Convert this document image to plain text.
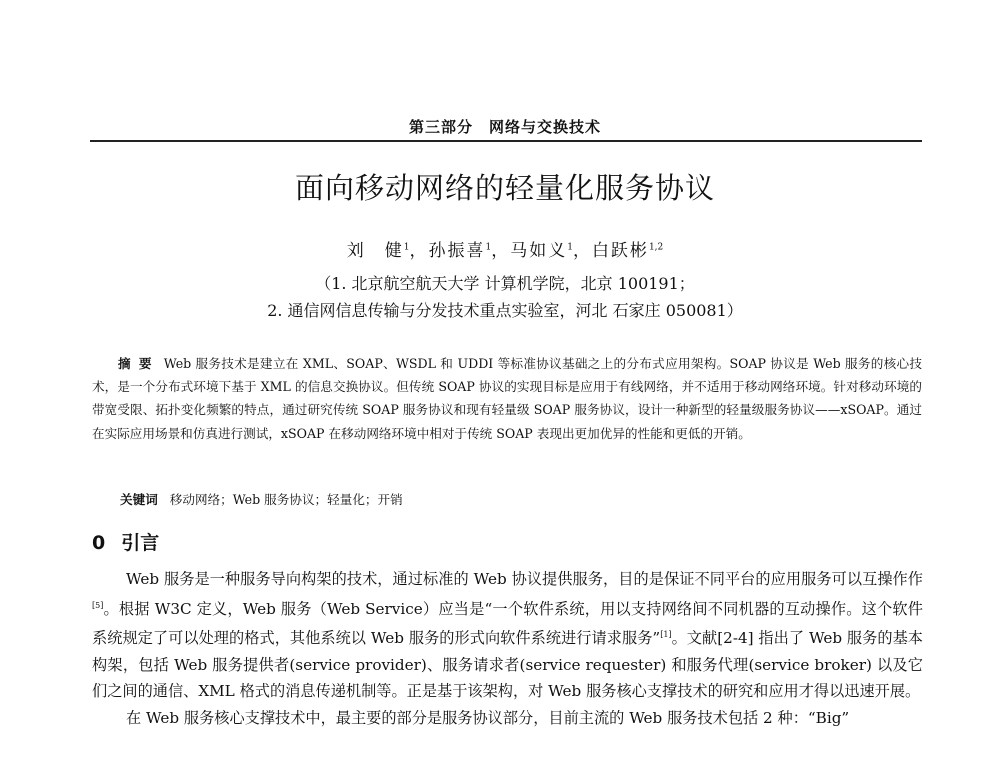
第三部分　网络与交换技术
面向移动网络的轻量化服务协议
刘　健$^1$，孙振喜$^1$，马如义$^1$，白跃彬$^{1,2}$
（1. 北京航空航天大学 计算机学院，北京 100191；
2. 通信网信息传输与分发技术重点实验室，河北 石家庄 050081）
摘要 Web 服务技术是建立在 XML、SOAP、WSDL 和 UDDI 等标准协议基础之上的分布式应用架构。SOAP 协议是 Web 服务的核心技术，是一个分布式环境下基于 XML 的信息交换协议。但传统 SOAP 协议的实现目标是应用于有线网络，并不适用于移动网络环境。针对移动环境的带宽受限、拓扑变化频繁的特点，通过研究传统 SOAP 服务协议和现有轻量级 SOAP 服务协议，设计一种新型的轻量级服务协议——xSOAP。通过在实际应用场景和仿真进行测试，xSOAP 在移动网络环境中相对于传统 SOAP 表现出更加优异的性能和更低的开销。
关键词 移动网络；Web 服务协议；轻量化；开销
0 引言

Web 服务是一种服务导向构架的技术，通过标准的 Web 协议提供服务，目的是保证不同平台的应用服务可以互操作作[5]。根据 W3C 定义，Web 服务（Web Service）应当是“一个软件系统，用以支持网络间不同机器的互动操作。这个软件系统规定了可以处理的格式，其他系统以 Web 服务的形式向软件系统进行请求服务”[1]。文献[2-4] 指出了 Web 服务的基本构架，包括 Web 服务提供者(service provider)、服务请求者(service requester) 和服务代理(service broker) 以及它们之间的通信、XML 格式的消息传递机制等。正是基于该架构，对 Web 服务核心支撑技术的研究和应用才得以迅速开展。

在 Web 服务核心支撑技术中，最主要的部分是服务协议部分，目前主流的 Web 服务技术包括 2 种：“Big”
